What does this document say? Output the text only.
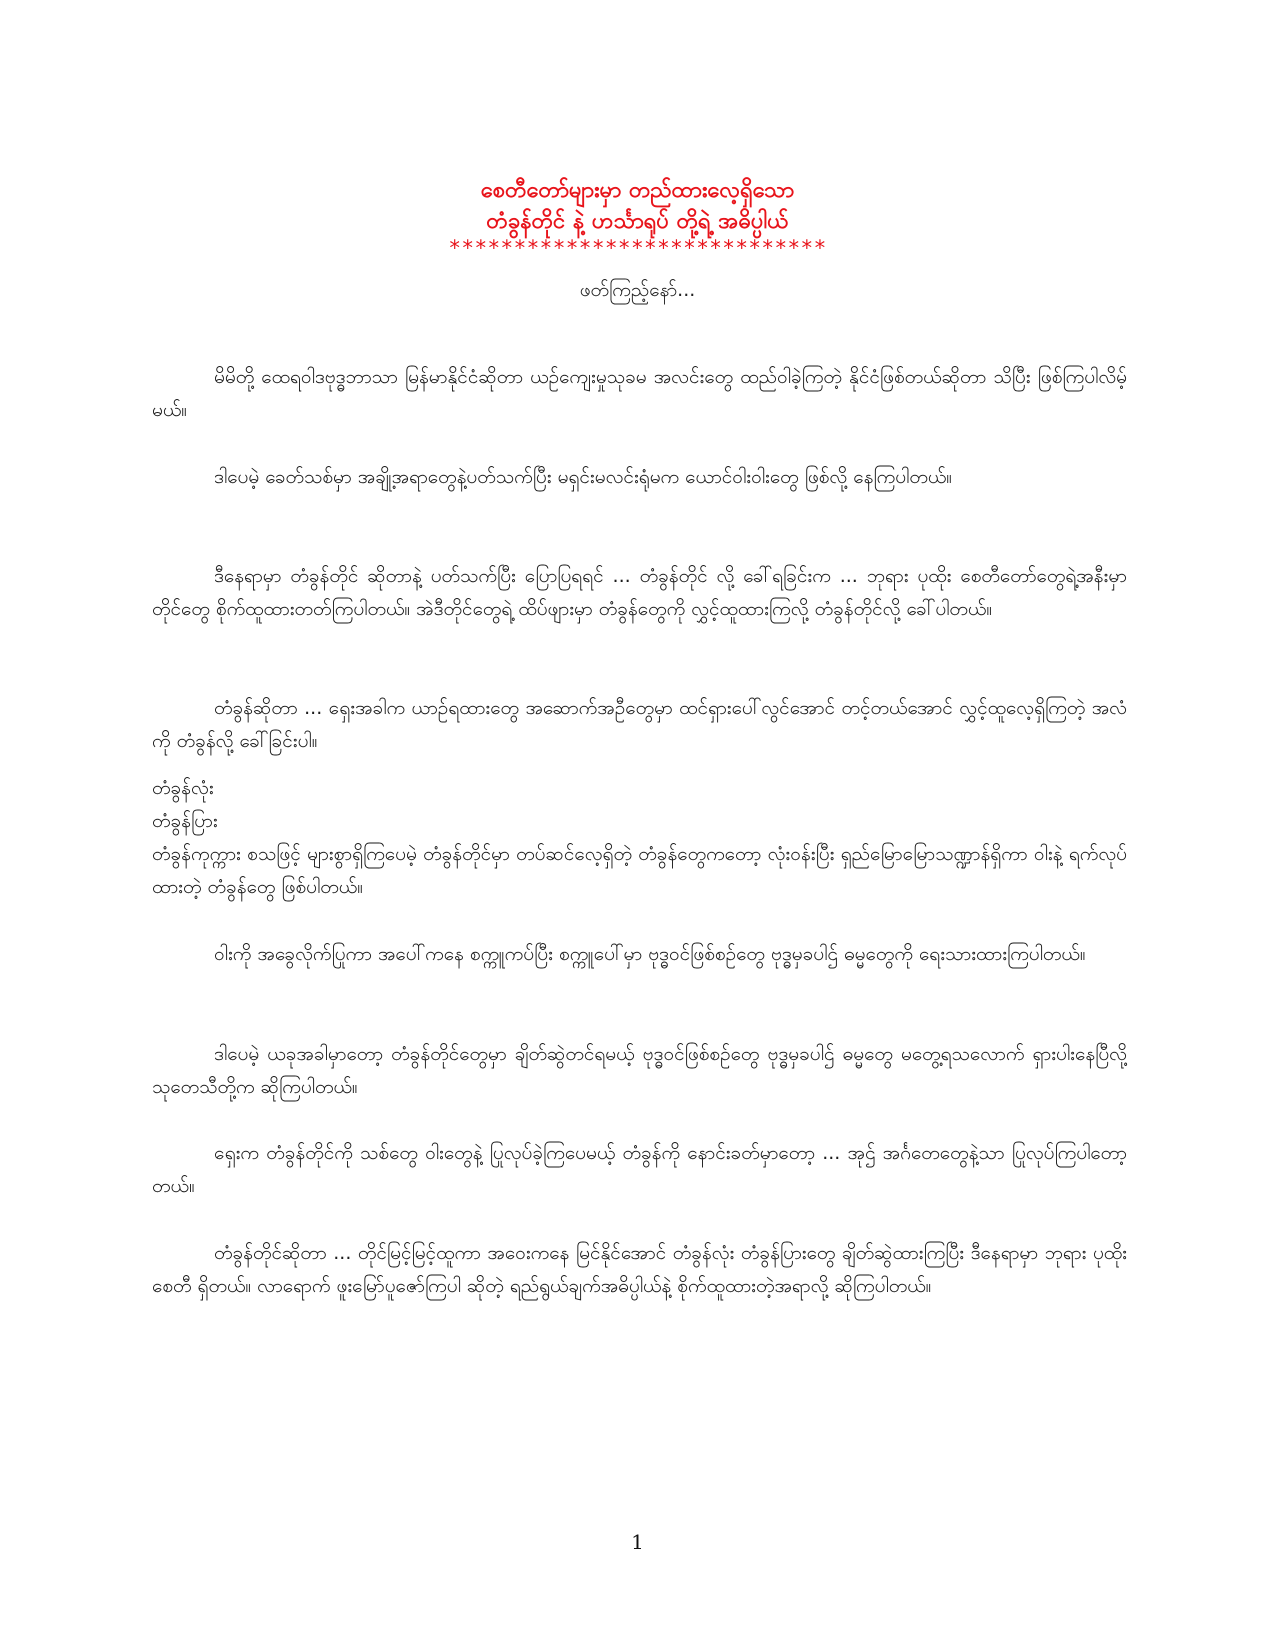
စေတီတော်များမှာ တည်ထားလေ့ရှိသော
တံခွန်တိုင် နဲ့ ဟင်္သာရုပ် တို့ရဲ့ အဓိပ္ပါယ်
*****************************
ဖတ်ကြည့်နော်...

မိမိတို့ ထေရဝါဒဗုဒ္ဓဘာသာ မြန်မာနိုင်ငံဆိုတာ ယဉ်ကျေးမှုသုခမ အလင်းတွေ ထည်ဝါခဲ့ကြတဲ့ နိုင်ငံဖြစ်တယ်ဆိုတာ သိပြီး ဖြစ်ကြပါလိမ့်မယ်။

ဒါပေမဲ့ ခေတ်သစ်မှာ အချို့အရာတွေနဲ့ပတ်သက်ပြီး မရှင်းမလင်းရုံမက ယောင်ဝါးဝါးတွေ ဖြစ်လို့ နေကြပါတယ်။

ဒီနေရာမှာ တံခွန်တိုင် ဆိုတာနဲ့ ပတ်သက်ပြီး ပြောပြရရင် ... တံခွန်တိုင် လို့ ခေါ်ရခြင်းက ... ဘုရား ပုထိုး စေတီတော်တွေရဲ့အနီးမှာ တိုင်တွေ စိုက်ထူထားတတ်ကြပါတယ်။ အဲဒီတိုင်တွေရဲ့ ထိပ်ဖျားမှာ တံခွန်တွေကို လွှင့်ထူထားကြလို့ တံခွန်တိုင်လို့ ခေါ်ပါတယ်။

တံခွန်ဆိုတာ ... ရှေးအခါက ယာဉ်ရထားတွေ အဆောက်အဦတွေမှာ ထင်ရှားပေါ်လွင်အောင် တင့်တယ်အောင် လွှင့်ထူလေ့ရှိကြတဲ့ အလံကို တံခွန်လို့ ခေါ်ခြင်းပါ။

တံခွန်လုံး

တံခွန်ပြား

တံခွန်ကုက္ကား စသဖြင့် များစွာရှိကြပေမဲ့ တံခွန်တိုင်မှာ တပ်ဆင်လေ့ရှိတဲ့ တံခွန်တွေကတော့ လုံးဝန်းပြီး ရှည်မြောမြောသဏ္ဍာန်ရှိကာ ဝါးနဲ့ ရက်လုပ်ထားတဲ့ တံခွန်တွေ ဖြစ်ပါတယ်။

ဝါးကို အခွေလိုက်ပြုကာ အပေါ်ကနေ စက္ကူကပ်ပြီး စက္ကူပေါ်မှာ ဗုဒ္ဓဝင်ဖြစ်စဉ်တွေ ဗုဒ္ဓမှခပါဌ် ဓမ္မတွေကို ရေးသားထားကြပါတယ်။

ဒါပေမဲ့ ယခုအခါမှာတော့ တံခွန်တိုင်တွေမှာ ချိတ်ဆွဲတင်ရမယ့် ဗုဒ္ဓဝင်ဖြစ်စဉ်တွေ ဗုဒ္ဓမှခပါဌ် ဓမ္မတွေ မတွေ့ရသလောက် ရှားပါးနေပြီလို့ သုတေသီတို့က ဆိုကြပါတယ်။

ရှေးက တံခွန်တိုင်ကို သစ်တွေ ဝါးတွေနဲ့ ပြုလုပ်ခဲ့ကြပေမယ့် တံခွန်ကို နောင်းခတ်မှာတော့ ... အုဌ် အင်္ဂတေတွေနဲ့သာ ပြုလုပ်ကြပါတော့တယ်။

တံခွန်တိုင်ဆိုတာ ... တိုင်မြင့်မြင့်ထူကာ အဝေးကနေ မြင်နိုင်အောင် တံခွန်လုံး တံခွန်ပြားတွေ ချိတ်ဆွဲထားကြပြီး ဒီနေရာမှာ ဘုရား ပုထိုး စေတီ ရှိတယ်။ လာရောက် ဖူးမြော်ပူဇော်ကြပါ ဆိုတဲ့ ရည်ရွယ်ချက်အဓိပ္ပါယ်နဲ့ စိုက်ထူထားတဲ့အရာလို့ ဆိုကြပါတယ်။

1
